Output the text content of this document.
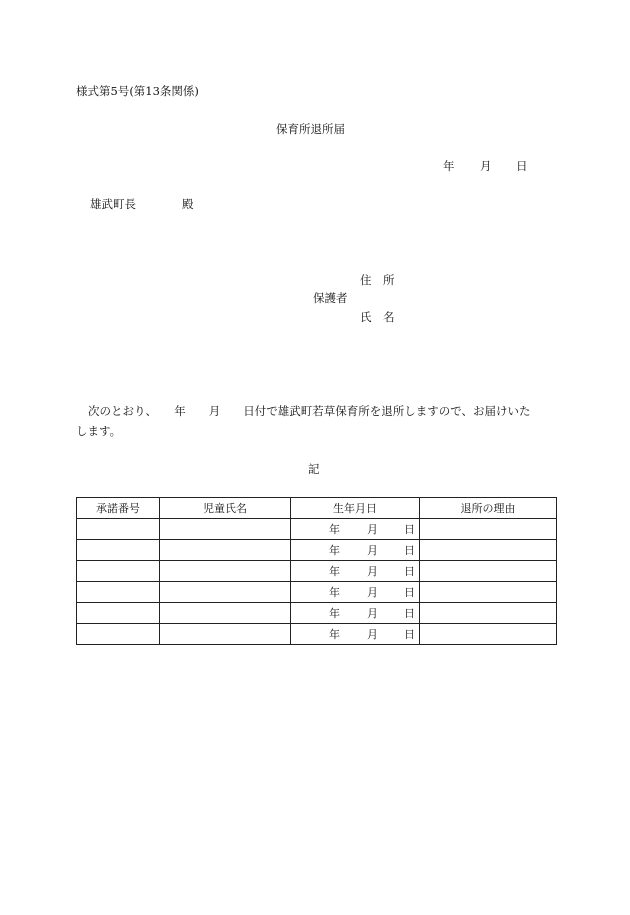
様式第5号(第13条関係)
保育所退所届
年 月 日
雄武町長	殿
住　所
保護者
氏　名
次のとおり、　　年　　月　　日付で雄武町若草保育所を退所しますので、お届けいた
します。
記
承諾番号	児童氏名	生年月日	退所の理由

		年 月 日	

		年 月 日	

		年 月 日	

		年 月 日	

		年 月 日	

		年 月 日	
